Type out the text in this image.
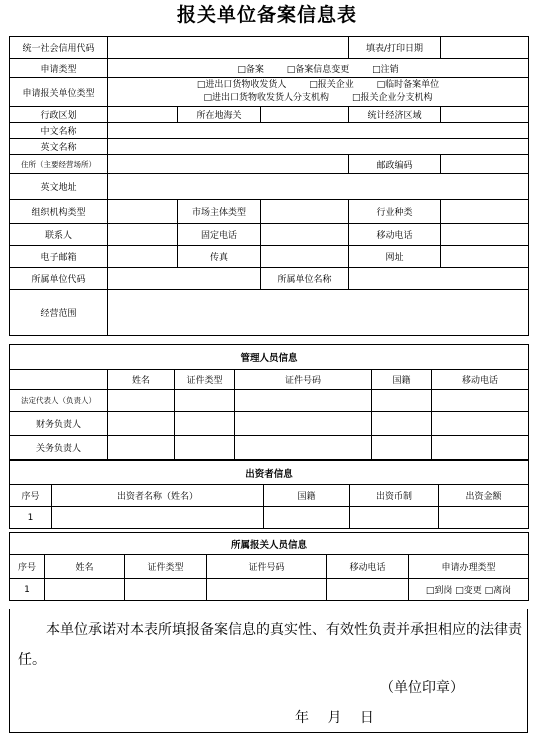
报关单位备案信息表
统一社会信用代码				填表/打印日期	
申请类型	□备案 □备案信息变更 □注销				
申请报关单位类型	□进出口货物收发货人 □报关企业 □临时备案单位
□进出口货物收发货人分支机构 □报关企业分支机构				

行政区划		所在地海关		统计经济区域	
中文名称					
英文名称					
住所（主要经营场所）				邮政编码	
英文地址					
组织机构类型		市场主体类型		行业种类	
联系人		固定电话		移动电话	
电子邮箱		传真		网址	
所属单位代码			所属单位名称		
经营范围					
管理人员信息					
	姓名	证件类型	证件号码	国籍	移动电话
法定代表人（负责人）					
财务负责人					
关务负责人					
出资者信息				
序号	出资者名称（姓名）	国籍	出资币制	出资金额
1				
所属报关人员信息					
序号	姓名	证件类型	证件号码	移动电话	申请办理类型
1					□到岗 □变更 □离岗
本单位承诺对本表所填报备案信息的真实性、有效性负责并承担相应的法律责任。
（单位印章）
年 月 日
